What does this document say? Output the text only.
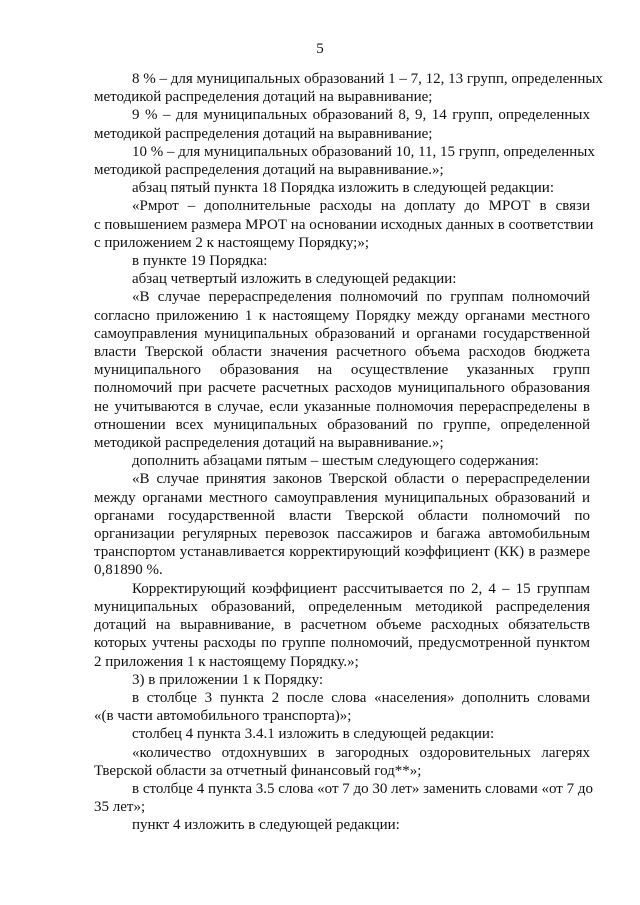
5
8 % – для муниципальных образований 1 – 7, 12, 13 групп, определенных
методикой распределения дотаций на выравнивание;
9 % – для муниципальных образований 8, 9, 14 групп, определенных
методикой распределения дотаций на выравнивание;
10 % – для муниципальных образований 10, 11, 15 групп, определенных
методикой распределения дотаций на выравнивание.»;
абзац пятый пункта 18 Порядка изложить в следующей редакции:
«Рмрот – дополнительные расходы на доплату до МРОТ в связи
с повышением размера МРОТ на основании исходных данных в соответствии
с приложением 2 к настоящему Порядку;»;
в пункте 19 Порядка:
абзац четвертый изложить в следующей редакции:
«В случае перераспределения полномочий по группам полномочий
согласно приложению 1 к настоящему Порядку между органами местного
самоуправления муниципальных образований и органами государственной
власти Тверской области значения расчетного объема расходов бюджета
муниципального образования на осуществление указанных групп
полномочий при расчете расчетных расходов муниципального образования
не учитываются в случае, если указанные полномочия перераспределены в
отношении всех муниципальных образований по группе, определенной
методикой распределения дотаций на выравнивание.»;
дополнить абзацами пятым – шестым следующего содержания:
«В случае принятия законов Тверской области о перераспределении
между органами местного самоуправления муниципальных образований и
органами государственной власти Тверской области полномочий по
организации регулярных перевозок пассажиров и багажа автомобильным
транспортом устанавливается корректирующий коэффициент (КК) в размере
0,81890 %.
Корректирующий коэффициент рассчитывается по 2, 4 – 15 группам
муниципальных образований, определенным методикой распределения
дотаций на выравнивание, в расчетном объеме расходных обязательств
которых учтены расходы по группе полномочий, предусмотренной пунктом
2 приложения 1 к настоящему Порядку.»;
3) в приложении 1 к Порядку:
в столбце 3 пункта 2 после слова «населения» дополнить словами
«(в части автомобильного транспорта)»;
столбец 4 пункта 3.4.1 изложить в следующей редакции:
«количество отдохнувших в загородных оздоровительных лагерях
Тверской области за отчетный финансовый год**»;
в столбце 4 пункта 3.5 слова «от 7 до 30 лет» заменить словами «от 7 до
35 лет»;
пункт 4 изложить в следующей редакции:
